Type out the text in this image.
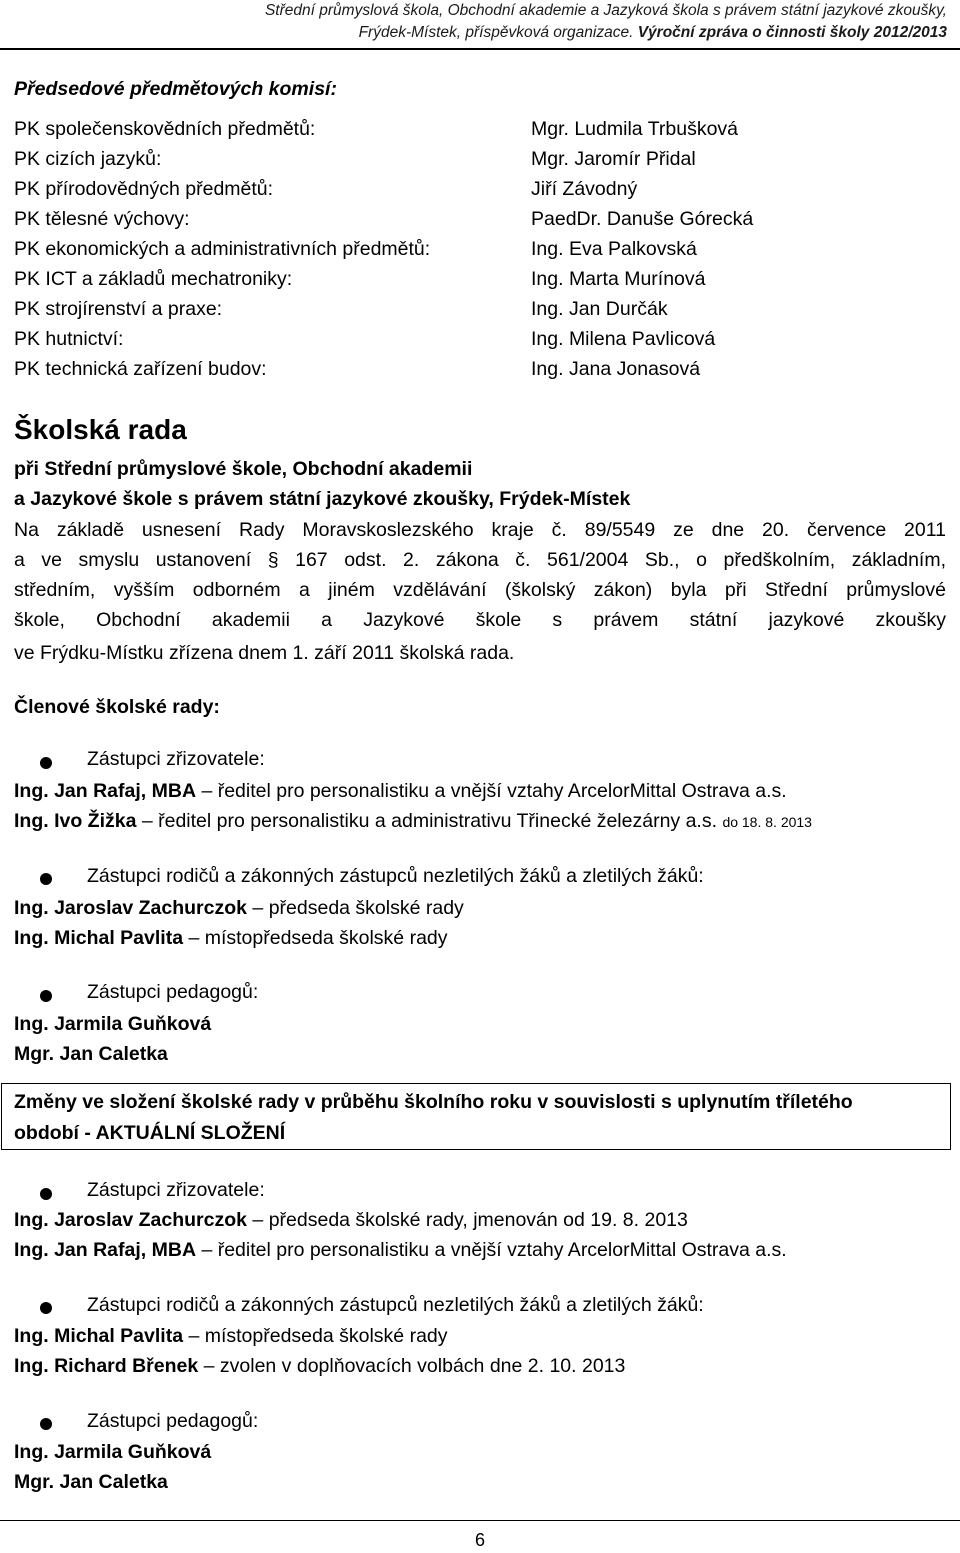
Střední průmyslová škola, Obchodní akademie a Jazyková škola s právem státní jazykové zkoušky,
Frýdek-Místek, příspěvková organizace. Výroční zpráva o činnosti školy 2012/2013
Předsedové předmětových komisí:
PK společenskovědních předmětů:	Mgr. Ludmila Trbušková
PK cizích jazyků:	Mgr. Jaromír Přidal
PK přírodovědných předmětů:	Jiří Závodný
PK tělesné výchovy:	PaedDr. Danuše Górecká
PK ekonomických a administrativních předmětů:	Ing. Eva Palkovská
PK ICT a základů mechatroniky:	Ing. Marta Murínová
PK strojírenství a praxe:	Ing. Jan Durčák
PK hutnictví:	Ing. Milena Pavlicová
PK technická zařízení budov:	Ing. Jana Jonasová
Školská rada
při Střední průmyslové škole, Obchodní akademii
a Jazykové škole s právem státní jazykové zkoušky, Frýdek-Místek
Na základě usnesení Rady Moravskoslezského kraje č. 89/5549 ze dne 20. července 2011
a ve smyslu ustanovení § 167 odst. 2. zákona č. 561/2004 Sb., o předškolním, základním,
středním, vyšším odborném a jiném vzdělávání (školský zákon) byla při Střední průmyslové
škole, Obchodní akademii a Jazykové škole s právem státní jazykové zkoušky
ve Frýdku-Místku zřízena dnem 1. září 2011 školská rada.
Členové školské rady:
Zástupci zřizovatele:
Ing. Jan Rafaj, MBA – ředitel pro personalistiku a vnější vztahy ArcelorMittal Ostrava a.s.
Ing. Ivo Žižka – ředitel pro personalistiku a administrativu Třinecké železárny a.s. do 18. 8. 2013
Zástupci rodičů a zákonných zástupců nezletilých žáků a zletilých žáků:
Ing. Jaroslav Zachurczok – předseda školské rady
Ing. Michal Pavlita – místopředseda školské rady
Zástupci pedagogů:
Ing. Jarmila Guňková
Mgr. Jan Caletka
Změny ve složení školské rady v průběhu školního roku v souvislosti s uplynutím tříletého
období - AKTUÁLNÍ SLOŽENÍ
Zástupci zřizovatele:
Ing. Jaroslav Zachurczok – předseda školské rady, jmenován od 19. 8. 2013
Ing. Jan Rafaj, MBA – ředitel pro personalistiku a vnější vztahy ArcelorMittal Ostrava a.s.
Zástupci rodičů a zákonných zástupců nezletilých žáků a zletilých žáků:
Ing. Michal Pavlita – místopředseda školské rady
Ing. Richard Břenek – zvolen v doplňovacích volbách dne 2. 10. 2013
Zástupci pedagogů:
Ing. Jarmila Guňková
Mgr. Jan Caletka
6
